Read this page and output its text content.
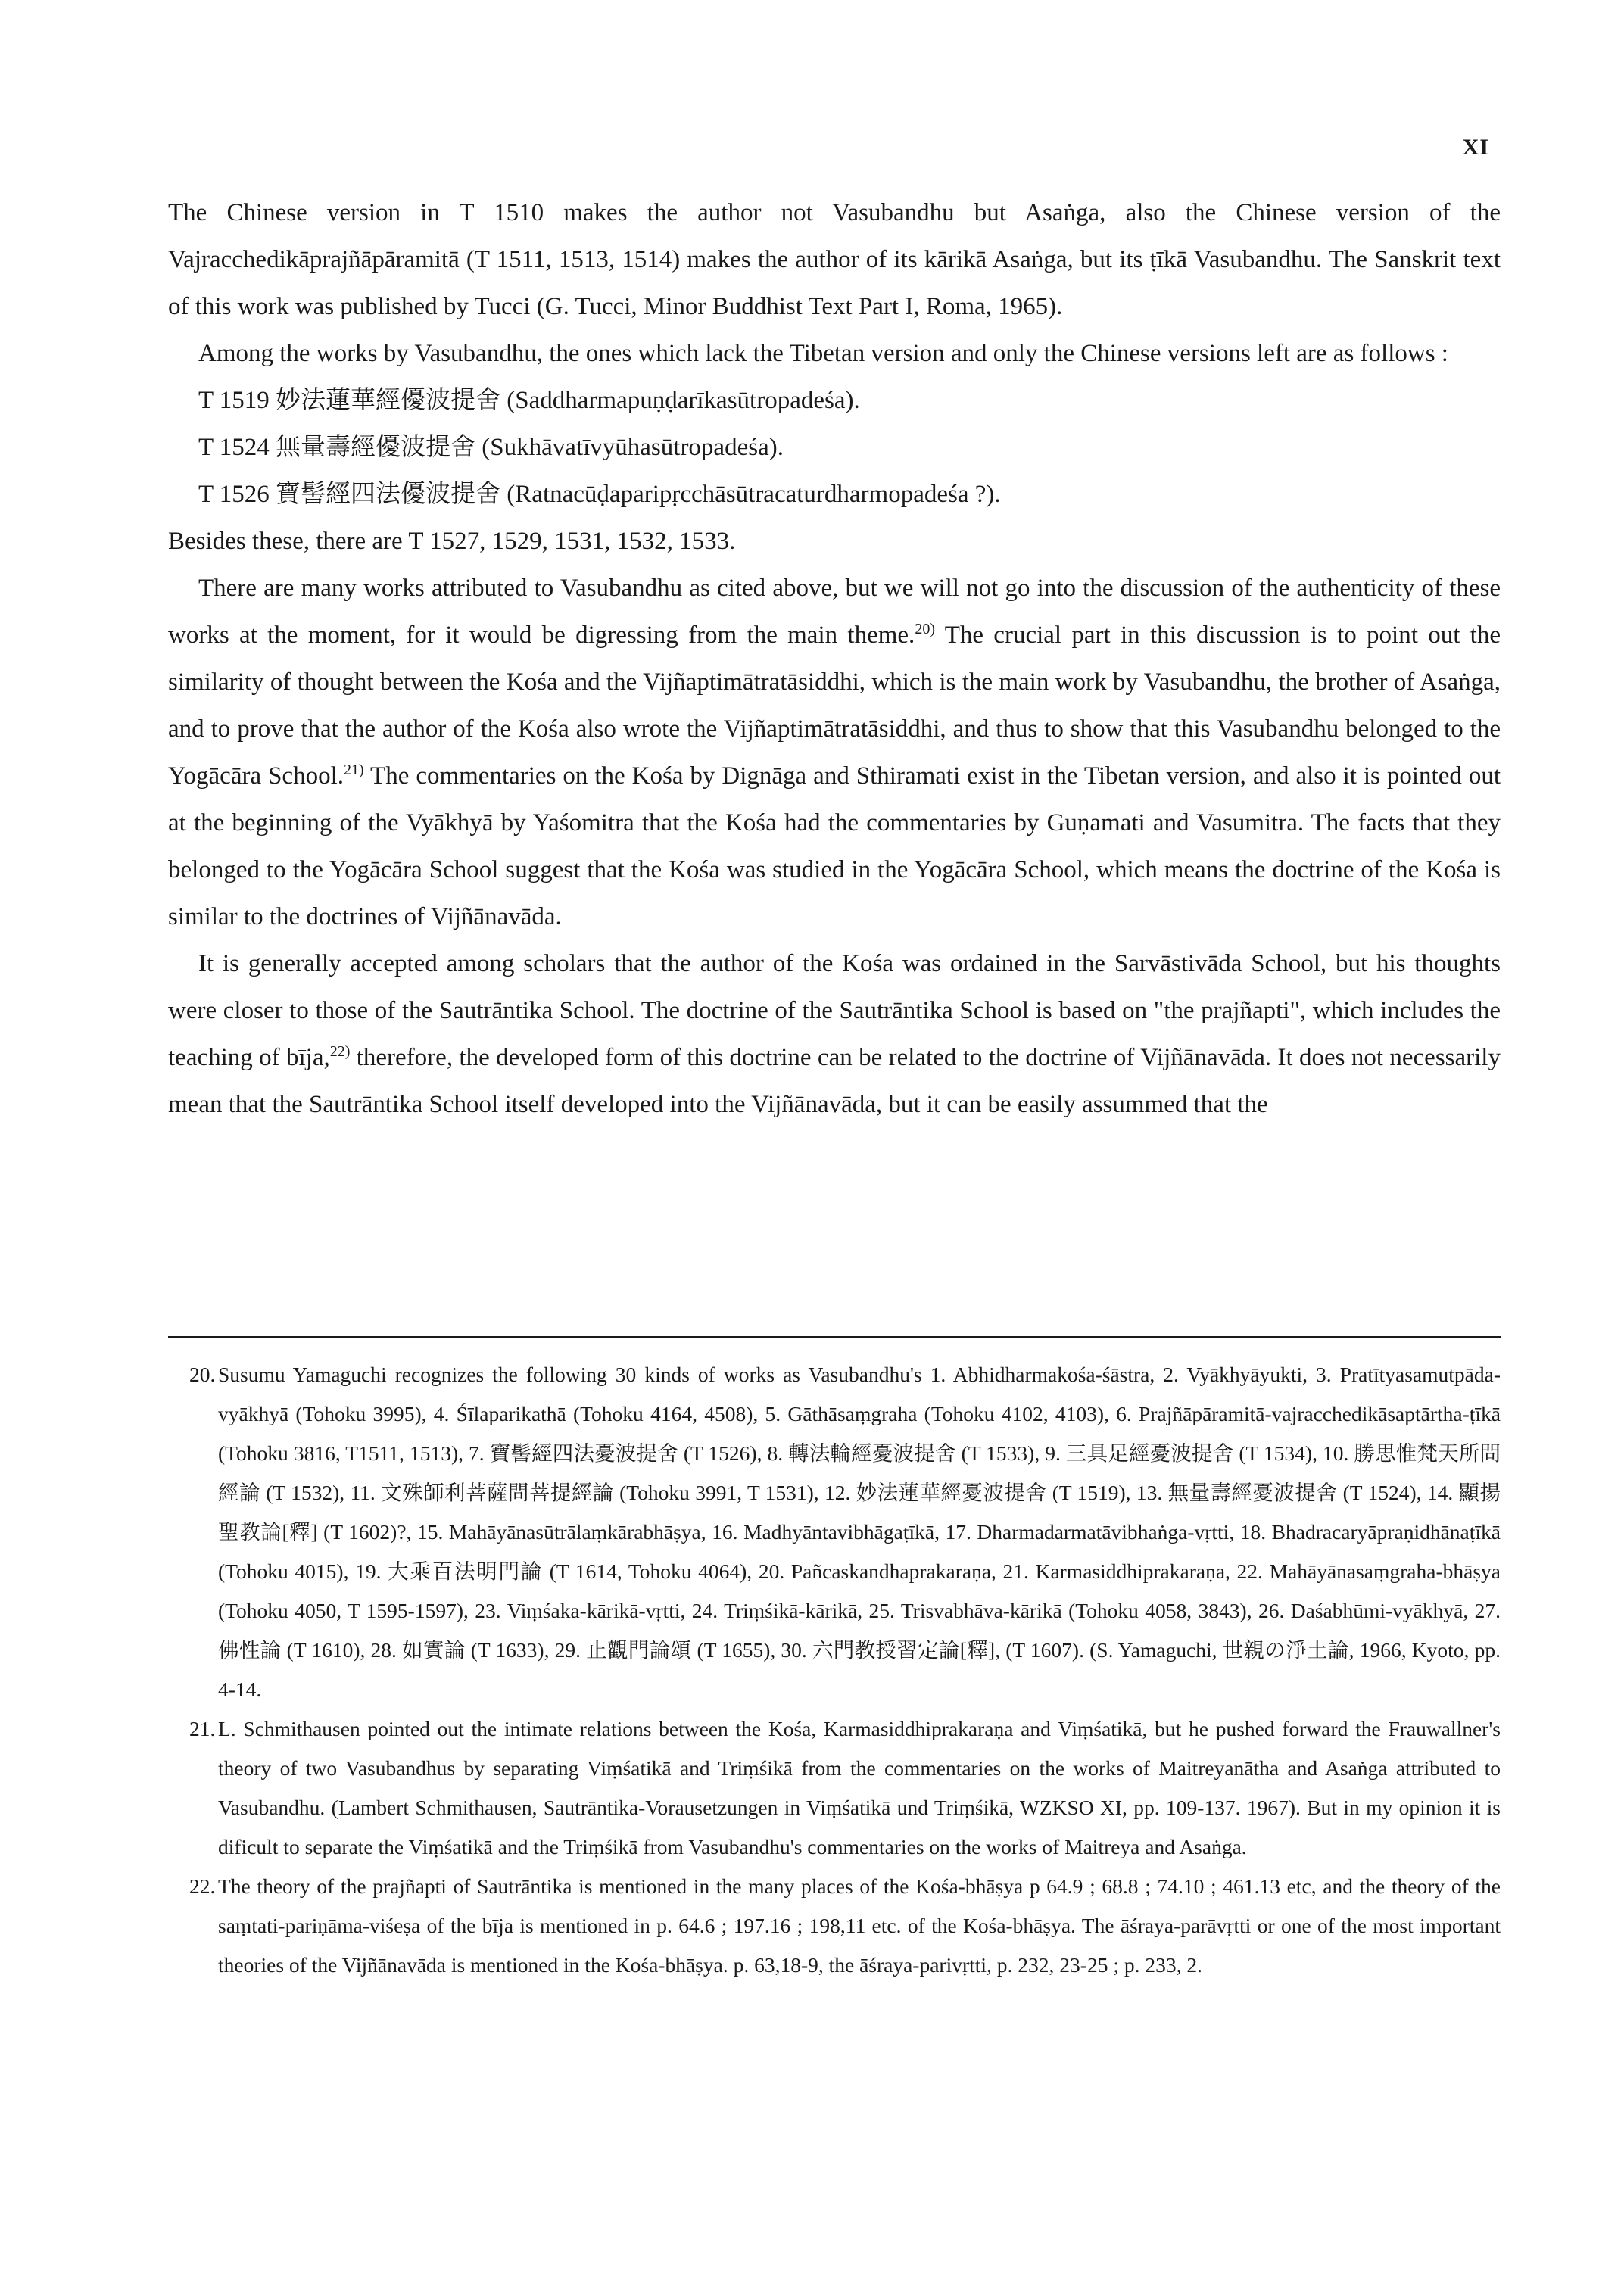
XI

The Chinese version in T 1510 makes the author not Vasubandhu but Asaṅga, also the Chinese version of the Vajracchedikāprajñāpāramitā (T 1511, 1513, 1514) makes the author of its kārikā Asaṅga, but its ṭīkā Vasubandhu. The Sanskrit text of this work was published by Tucci (G. Tucci, Minor Buddhist Text Part I, Roma, 1965).

Among the works by Vasubandhu, the ones which lack the Tibetan version and only the Chinese versions left are as follows :

T 1519 妙法蓮華經優波提舍 (Saddharmapuṇḍarīkasūtropadeśa).

T 1524 無量壽經優波提舍 (Sukhāvatīvyūhasūtropadeśa).

T 1526 寶髻經四法優波提舍 (Ratnacūḍaparipṛcchāsūtracaturdharmopadeśa ?).

Besides these, there are T 1527, 1529, 1531, 1532, 1533.

There are many works attributed to Vasubandhu as cited above, but we will not go into the discussion of the authenticity of these works at the moment, for it would be digressing from the main theme.$^{20)}$ The crucial part in this discussion is to point out the similarity of thought between the Kośa and the Vijñaptimātratāsiddhi, which is the main work by Vasubandhu, the brother of Asaṅga, and to prove that the author of the Kośa also wrote the Vijñaptimātratāsiddhi, and thus to show that this Vasubandhu belonged to the Yogācāra School.$^{21)}$ The commentaries on the Kośa by Dignāga and Sthiramati exist in the Tibetan version, and also it is pointed out at the beginning of the Vyākhyā by Yaśomitra that the Kośa had the commentaries by Guṇamati and Vasumitra. The facts that they belonged to the Yogācāra School suggest that the Kośa was studied in the Yogācāra School, which means the doctrine of the Kośa is similar to the doctrines of Vijñānavāda.

It is generally accepted among scholars that the author of the Kośa was ordained in the Sarvāstivāda School, but his thoughts were closer to those of the Sautrāntika School. The doctrine of the Sautrāntika School is based on "the prajñapti", which includes the teaching of bīja,$^{22)}$ therefore, the developed form of this doctrine can be related to the doctrine of Vijñānavāda. It does not necessarily mean that the Sautrāntika School itself developed into the Vijñānavāda, but it can be easily assummed that the

20. Susumu Yamaguchi recognizes the following 30 kinds of works as Vasubandhu's 1. Abhidharmakośa-śāstra, 2. Vyākhyāyukti, 3. Pratītyasamutpāda-vyākhyā (Tohoku 3995), 4. Śīlaparikathā (Tohoku 4164, 4508), 5. Gāthāsaṃgraha (Tohoku 4102, 4103), 6. Prajñāpāramitā-vajracchedikāsaptārtha-ṭīkā (Tohoku 3816, T1511, 1513), 7. 寶髻經四法憂波提舍 (T 1526), 8. 轉法輪經憂波提舍 (T 1533), 9. 三具足經憂波提舍 (T 1534), 10. 勝思惟梵天所問經論 (T 1532), 11. 文殊師利菩薩問菩提經論 (Tohoku 3991, T 1531), 12. 妙法蓮華經憂波提舍 (T 1519), 13. 無量壽經憂波提舍 (T 1524), 14. 顯揚聖教論[釋] (T 1602)?, 15. Mahāyānasūtrālaṃkārabhāṣya, 16. Madhyāntavibhāgaṭīkā, 17. Dharmadarmatāvibhaṅga-vṛtti, 18. Bhadracaryāpraṇidhānaṭīkā (Tohoku 4015), 19. 大乘百法明門論 (T 1614, Tohoku 4064), 20. Pañcaskandhaprakaraṇa, 21. Karmasiddhiprakaraṇa, 22. Mahāyānasaṃgraha-bhāṣya (Tohoku 4050, T 1595-1597), 23. Viṃśaka-kārikā-vṛtti, 24. Triṃśikā-kārikā, 25. Trisvabhāva-kārikā (Tohoku 4058, 3843), 26. Daśabhūmi-vyākhyā, 27. 佛性論 (T 1610), 28. 如實論 (T 1633), 29. 止觀門論頌 (T 1655), 30. 六門教授習定論[釋], (T 1607). (S. Yamaguchi, 世親の淨土論, 1966, Kyoto, pp. 4-14.

21. L. Schmithausen pointed out the intimate relations between the Kośa, Karmasiddhiprakaraṇa and Viṃśatikā, but he pushed forward the Frauwallner's theory of two Vasubandhus by separating Viṃśatikā and Triṃśikā from the commentaries on the works of Maitreyanātha and Asaṅga attributed to Vasubandhu. (Lambert Schmithausen, Sautrāntika-Vorausetzungen in Viṃśatikā und Triṃśikā, WZKSO XI, pp. 109-137. 1967). But in my opinion it is dificult to separate the Viṃśatikā and the Triṃśikā from Vasubandhu's commentaries on the works of Maitreya and Asaṅga.

22. The theory of the prajñapti of Sautrāntika is mentioned in the many places of the Kośa-bhāṣya p 64.9 ; 68.8 ; 74.10 ; 461.13 etc, and the theory of the saṃtati-pariṇāma-viśeṣa of the bīja is mentioned in p. 64.6 ; 197.16 ; 198,11 etc. of the Kośa-bhāṣya. The āśraya-parāvṛtti or one of the most important theories of the Vijñānavāda is mentioned in the Kośa-bhāṣya. p. 63,18-9, the āśraya-parivṛtti, p. 232, 23-25 ; p. 233, 2.
